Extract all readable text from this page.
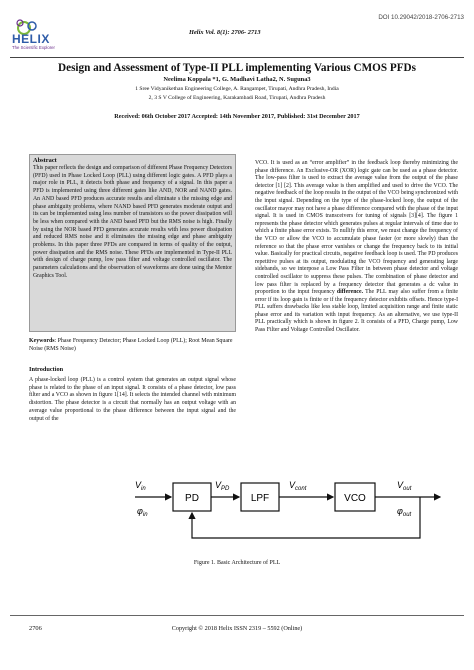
DOI 10.29042/2018-2706-2713
HELIX
The Scientific Explorer
Helix Vol. 8(1): 2706- 2713
Design and Assessment of Type-II PLL implementing Various CMOS PFDs
Neelima Koppala *1, G. Madhavi Latha2, N. Suguna3
1 Sree Vidyanikethan Engineering College, A. Rangampet, Tirupati, Andhra Pradesh, India
2, 3 S V College of Engineering, Karakambadi Road, Tirupati, Andhra Pradesh
Received: 06th October 2017 Accepted: 14th November 2017, Published: 31st December 2017
Abstract
This paper reflects the design and comparison of different Phase Frequency Detectors (PFD) used in Phase Locked Loop (PLL) using different logic gates. A PFD plays a major role in PLL, it detects both phase and frequency of a signal. In this paper a PFD is implemented using three different gates like AND, NOR and NAND gates. An AND based PFD produces accurate results and eliminate s the missing edge and phase ambiguity problems, where NAND based PFD generates moderate output and its can be implemented using less number of transistors so the power dissipation will be less when compared with the AND based PFD but the RMS noise is high. Finally by using the NOR based PFD generates accurate results with less power dissipation and reduced RMS noise and it eliminates the missing edge and phase ambiguity problems. In this paper three PFDs are compared in terms of quality of the output, power dissipation and the RMS noise. These PFDs are implemented in Type-II PLL with design of charge pump, low pass filter and voltage controlled oscillator. The parameters calculations and the observation of waveforms are done using the Mentor Graphics Tool.
Keywords: Phase Frequency Detector; Phase Locked Loop (PLL); Root Mean Square Noise (RMS Noise)
Introduction
A phase-locked loop (PLL) is a control system that generates an output signal whose phase is related to the phase of an input signal. It consists of a phase detector, low pass filter and a VCO as shown in figure 1[14]. It selects the intended channel with minimum distortion. The phase detector is a circuit that normally has an output voltage with an average value proportional to the phase difference between the input signal and the output of the
VCO. It is used as an “error amplifier” in the feedback loop thereby minimizing the phase difference. An Exclusive-OR (XOR) logic gate can be used as a phase detector. The low-pass filter is used to extract the average value from the output of the phase detector [1] [2]. This average value is then amplified and used to drive the VCO. The negative feedback of the loop results in the output of the VCO being synchronized with the input signal. Depending on the type of the phase-locked loop, the output of the oscillator mayor may not have a phase difference compared with the phase of the input signal. It is used in CMOS transceivers for tuning of signals [3][4]. The figure 1 represents the phase detector which generates pulses at regular intervals of time due to which a finite phase error exists. To nullify this error, we must change the frequency of the VCO or allow the VCO to accumulate phase faster (or more slowly) than the reference so that the phase error vanishes or change the frequency back to its initial value. Basically for practical circuits, negative feedback loop is used. The PD produces repetitive pulses at its output, modulating the VCO frequency and generating large sidebands, so we interpose a Low Pass Filter in between phase detector and voltage controlled oscillator to suppress these pulses. The combination of phase detector and low pass filter is replaced by a frequency detector that generates a dc value in proportion to the input frequency difference. The PLL may also suffer from a finite error if its loop gain is finite or if the frequency detector exhibits offsets. Hence type-I PLL suffers drawbacks like less stable loop, limited acquisition range and finite static phase error and its variation with input frequency. As an alternative, we use type-II PLL practically which is shown in figure 2. It consists of a PFD, Charge pump, Low Pass Filter and Voltage Controlled Oscillator.
$V_{in}$
$\varphi_{in}$
PD
$V_{PD}$
LPF
$V_{cont}$
VCO
$V_{out}$
$\varphi_{out}$
Figure 1. Basic Architecture of PLL
2706	Copyright © 2018 Helix ISSN 2319 – 5592 (Online)
